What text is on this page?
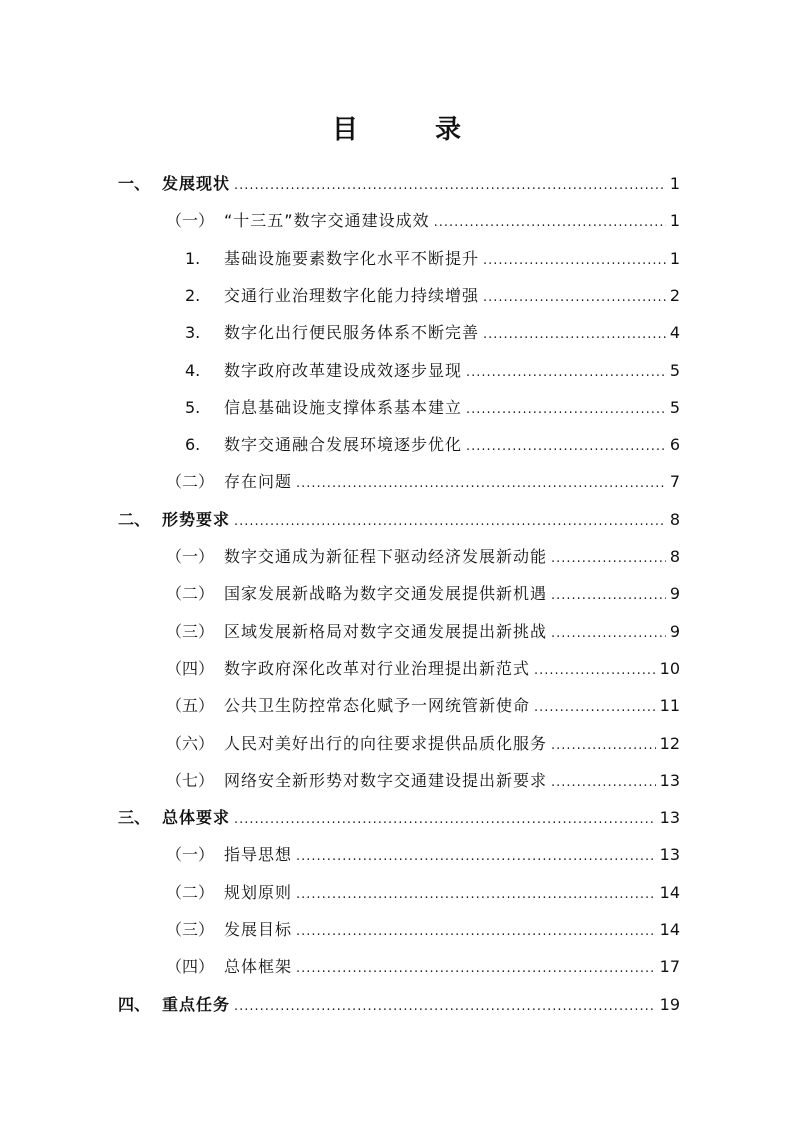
目 录
一、 发展现状 .....	1
（一） “十三五”数字交通建设成效 .....	1
1.	基础设施要素数字化水平不断提升 .....	1
2.	交通行业治理数字化能力持续增强 .....	2
3.	数字化出行便民服务体系不断完善 .....	4
4.	数字政府改革建设成效逐步显现 .....	5
5.	信息基础设施支撑体系基本建立 .....	5
6.	数字交通融合发展环境逐步优化 .....	6
（二） 存在问题 .....	7
二、 形势要求 .....	8
（一） 数字交通成为新征程下驱动经济发展新动能 .....	8
（二） 国家发展新战略为数字交通发展提供新机遇 .....	9
（三） 区域发展新格局对数字交通发展提出新挑战 .....	9
（四） 数字政府深化改革对行业治理提出新范式 .....	10
（五） 公共卫生防控常态化赋予一网统管新使命 .....	11
（六） 人民对美好出行的向往要求提供品质化服务 .....	12
（七） 网络安全新形势对数字交通建设提出新要求 .....	13
三、 总体要求 .....	13
（一） 指导思想 .....	13
（二） 规划原则 .....	14
（三） 发展目标 .....	14
（四） 总体框架 .....	17
四、 重点任务 .....	19
